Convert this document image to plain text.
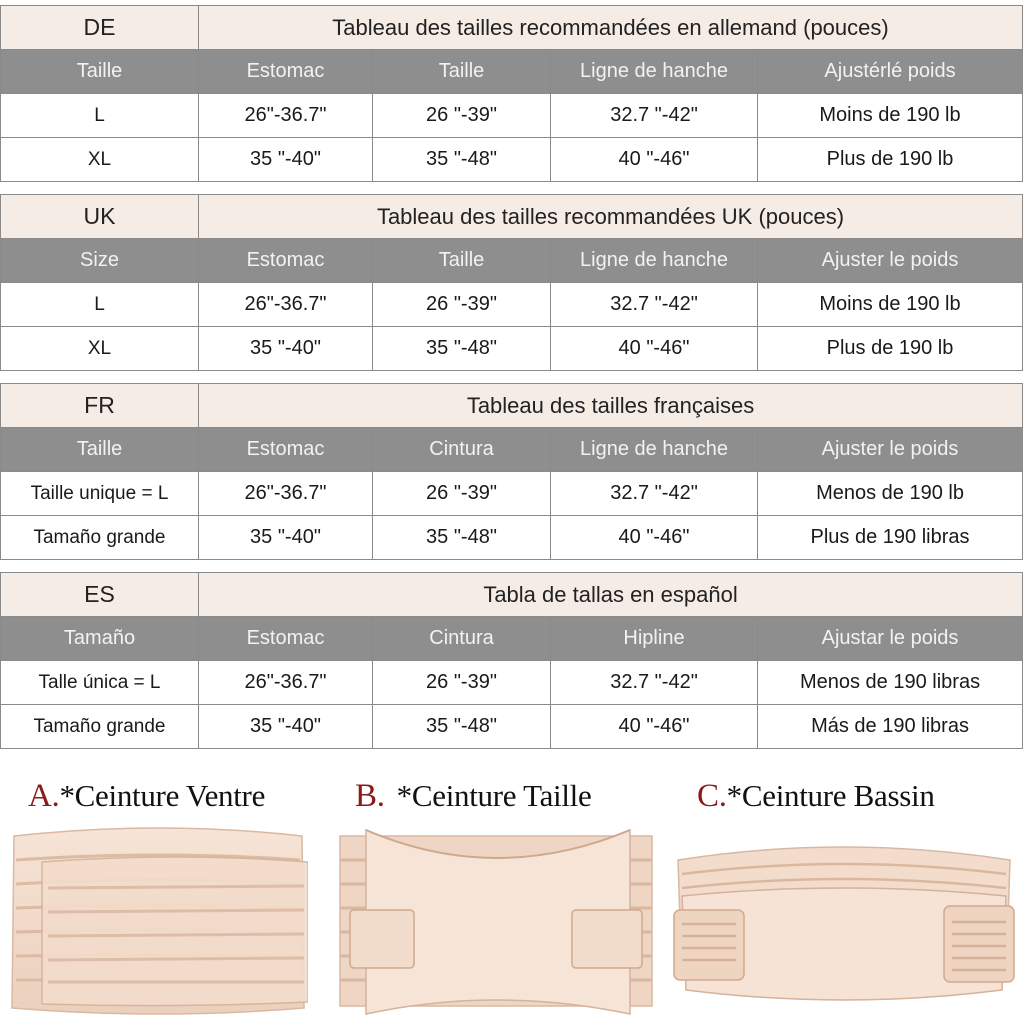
DE	Tableau des tailles recommandées en allemand (pouces)			
Taille	Estomac	Taille	Ligne de hanche	Ajustérlé poids
L	26"-36.7"	26 "-39"	32.7 "-42"	Moins de 190 lb
XL	35 "-40"	35 "-48"	40 "-46"	Plus de 190 lb
UK	Tableau des tailles recommandées UK (pouces)			
Size	Estomac	Taille	Ligne de hanche	Ajuster le poids
L	26"-36.7"	26 "-39"	32.7 "-42"	Moins de 190 lb
XL	35 "-40"	35 "-48"	40 "-46"	Plus de 190 lb
FR	Tableau des tailles françaises			
Taille	Estomac	Cintura	Ligne de hanche	Ajuster le poids
Taille unique = L	26"-36.7"	26 "-39"	32.7 "-42"	Menos de 190 lb
Tamaño grande	35 "-40"	35 "-48"	40 "-46"	Plus de 190 libras
ES	Tabla de tallas en español			
Tamaño	Estomac	Cintura	Hipline	Ajustar le poids
Talle única = L	26"-36.7"	26 "-39"	32.7 "-42"	Menos de 190 libras
Tamaño grande	35 "-40"	35 "-48"	40 "-46"	Más de 190 libras
A.*Ceinture Ventre	B. *Ceinture Taille	C.*Ceinture Bassin
